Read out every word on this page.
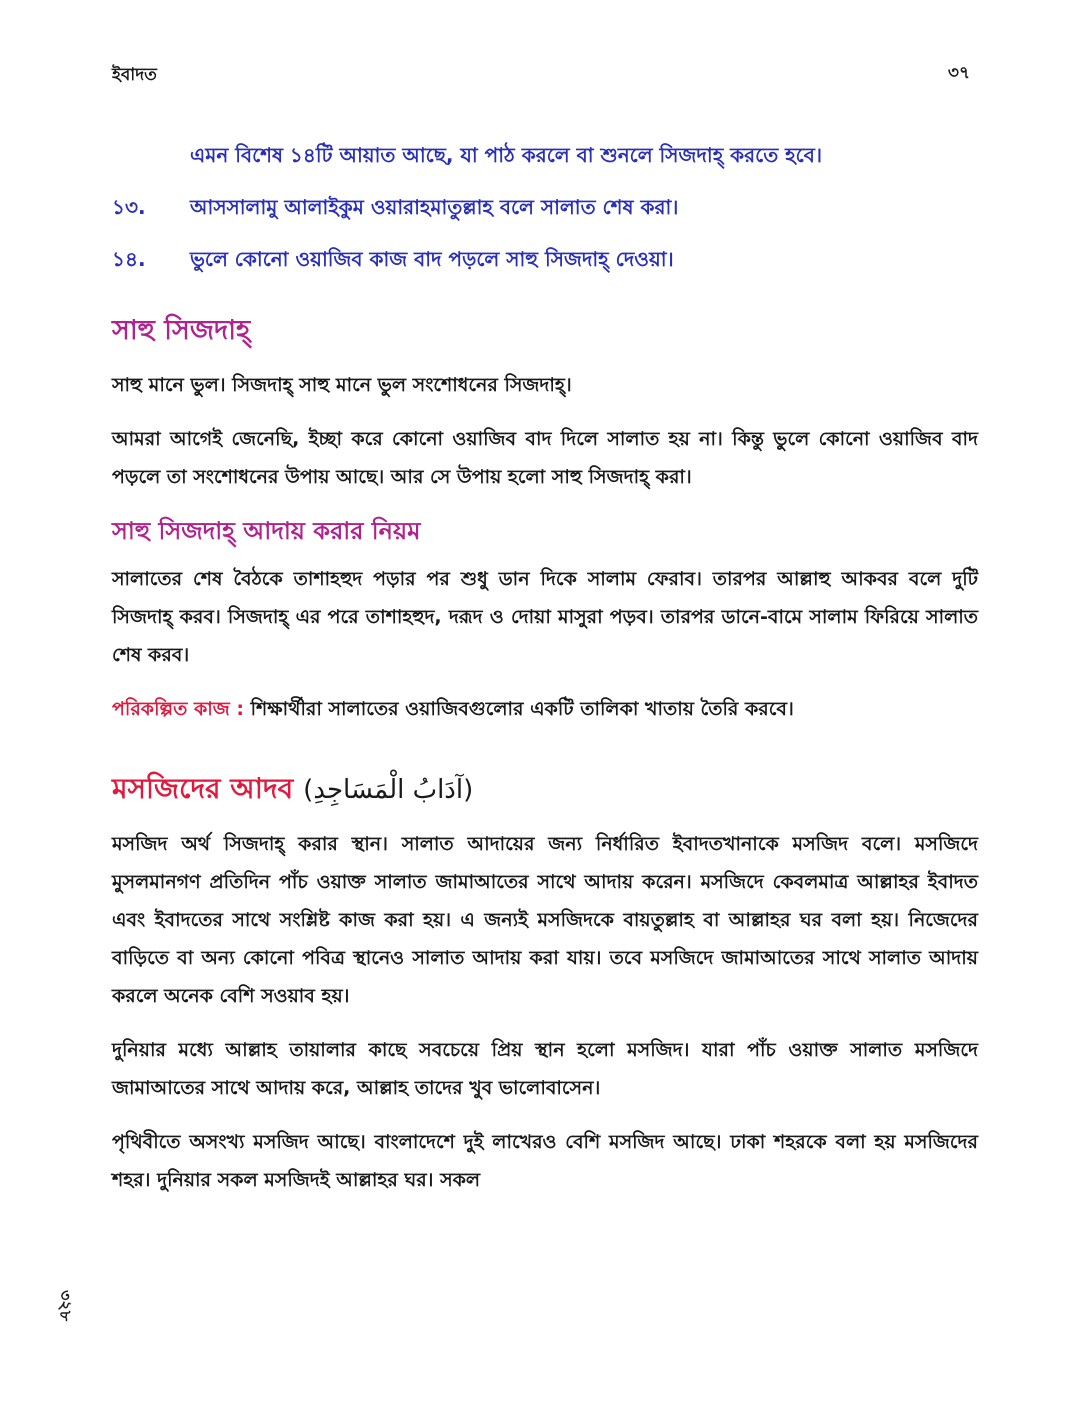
ইবাদত	৩৭
৩২৮
এমন বিশেষ ১৪টি আয়াত আছে, যা পাঠ করলে বা শুনলে সিজদাহ্ করতে হবে।
১৩.	আসসালামু আলাইকুম ওয়ারাহমাতুল্লাহ বলে সালাত শেষ করা।
১৪.	ভুলে কোনো ওয়াজিব কাজ বাদ পড়লে সাহু সিজদাহ্ দেওয়া।
সাহু সিজদাহ্

সাহু মানে ভুল। সিজদাহ্ সাহু মানে ভুল সংশোধনের সিজদাহ্।

আমরা আগেই জেনেছি, ইচ্ছা করে কোনো ওয়াজিব বাদ দিলে সালাত হয় না। কিন্তু ভুলে কোনো ওয়াজিব বাদ পড়লে তা সংশোধনের উপায় আছে। আর সে উপায় হলো সাহু সিজদাহ্ করা।

সাহু সিজদাহ্ আদায় করার নিয়ম

সালাতের শেষ বৈঠকে তাশাহহুদ পড়ার পর শুধু ডান দিকে সালাম ফেরাব। তারপর আল্লাহু আকবর বলে দুটি সিজদাহ্ করব। সিজদাহ্ এর পরে তাশাহহুদ, দরূদ ও দোয়া মাসুরা পড়ব। তারপর ডানে-বামে সালাম ফিরিয়ে সালাত শেষ করব।

পরিকল্পিত কাজ : শিক্ষার্থীরা সালাতের ওয়াজিবগুলোর একটি তালিকা খাতায় তৈরি করবে।

মসজিদের আদব (آدَابُ الْمَسَاجِدِ)

মসজিদ অর্থ সিজদাহ্ করার স্থান। সালাত আদায়ের জন্য নির্ধারিত ইবাদতখানাকে মসজিদ বলে। মসজিদে মুসলমানগণ প্রতিদিন পাঁচ ওয়াক্ত সালাত জামাআতের সাথে আদায় করেন। মসজিদে কেবলমাত্র আল্লাহর ইবাদত এবং ইবাদতের সাথে সংশ্লিষ্ট কাজ করা হয়। এ জন্যই মসজিদকে বায়তুল্লাহ বা আল্লাহর ঘর বলা হয়। নিজেদের বাড়িতে বা অন্য কোনো পবিত্র স্থানেও সালাত আদায় করা যায়। তবে মসজিদে জামাআতের সাথে সালাত আদায় করলে অনেক বেশি সওয়াব হয়।

দুনিয়ার মধ্যে আল্লাহ তায়ালার কাছে সবচেয়ে প্রিয় স্থান হলো মসজিদ। যারা পাঁচ ওয়াক্ত সালাত মসজিদে জামাআতের সাথে আদায় করে, আল্লাহ তাদের খুব ভালোবাসেন।

পৃথিবীতে অসংখ্য মসজিদ আছে। বাংলাদেশে দুই লাখেরও বেশি মসজিদ আছে। ঢাকা শহরকে বলা হয় মসজিদের শহর। দুনিয়ার সকল মসজিদই আল্লাহর ঘর। সকল
